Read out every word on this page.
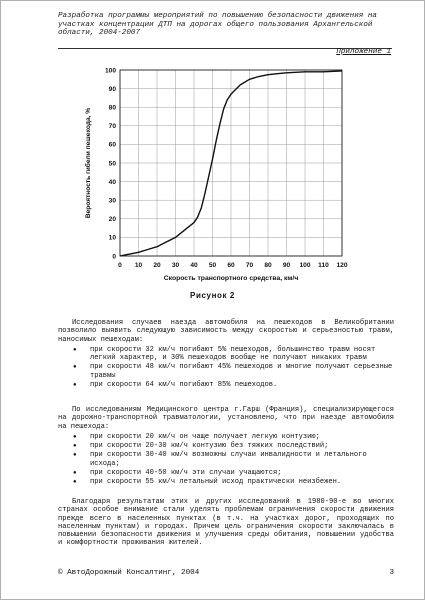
Разработка программы мероприятий по повышению безопасности движения на участках концентрации ДТП на дорогах общего пользования Архангельской области, 2004-2007
Приложение 1
0 10 20 30 40 50 60 70 80 90 100 110 120
0
10
20
30
40
50
60
70
80
90
100
Скорость транспортного средства, км/ч
Вероятность гибели пешехода, %
Рисунок 2

Исследования случаев наезда автомобиля на пешеходов в Великобритании позволило выявить следующую зависимость между скоростью и серьезностью травм, наносимых пешеходам:

● при скорости 32 км/ч погибают 5% пешеходов, большинство травм носят легкий характер, и 30% пешеходов вообще не получают никаких травм
● при скорости 48 км/ч погибают 45% пешеходов и многие получают серьезные травмы
● при скорости 64 км/ч погибают 85% пешеходов.

По исследованиям Медицинского центра г.Гарш (Франция), специализирующегося на дорожно-транспортной травматологии, установлено, что при наезде автомобиля на пешехода:

● при скорости 20 км/ч он чаще получает легкую контузию;
● при скорости 20-30 км/ч контузию без тяжких последствий;
● при скорости 30-40 км/ч возможны случаи инвалидности и летального исхода;
● при скорости 40-50 км/ч эти случаи учащаются;
● при скорости 55 км/ч летальный исход практически неизбежен.

Благодаря результатам этих и других исследований в 1980-90-е во многих странах особое внимание стали уделять проблемам ограничения скорости движения прежде всего в населенных пунктах (в т.ч. на участках дорог, проходящих по населенным пунктам) и городах. Причем цель ограничения скорости заключалась в повышении безопасности движения и улучшения среды обитания, повышении удобства и комфортности проживания жителей.

© АвтоДорожный Консалтинг, 2004	3
